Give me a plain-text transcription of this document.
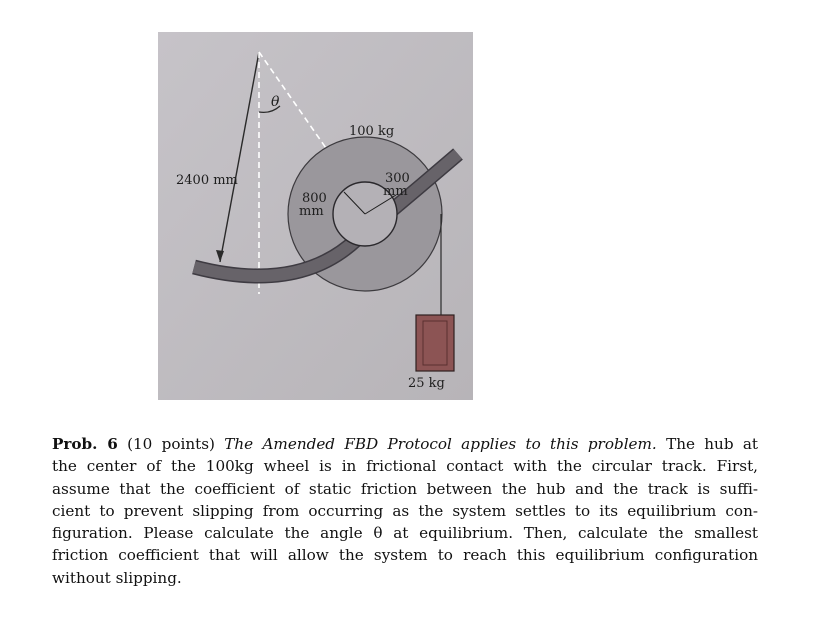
θ
2400 mm
100 kg
300
mm
800
mm
25 kg
Prob. 6 (10 points) The Amended FBD Protocol applies to this problem. The hub at
the center of the 100kg wheel is in frictional contact with the circular track. First,
assume that the coefficient of static friction between the hub and the track is suffi-
cient to prevent slipping from occurring as the system settles to its equilibrium con-
figuration. Please calculate the angle θ at equilibrium. Then, calculate the smallest
friction coefficient that will allow the system to reach this equilibrium configuration
without slipping.
